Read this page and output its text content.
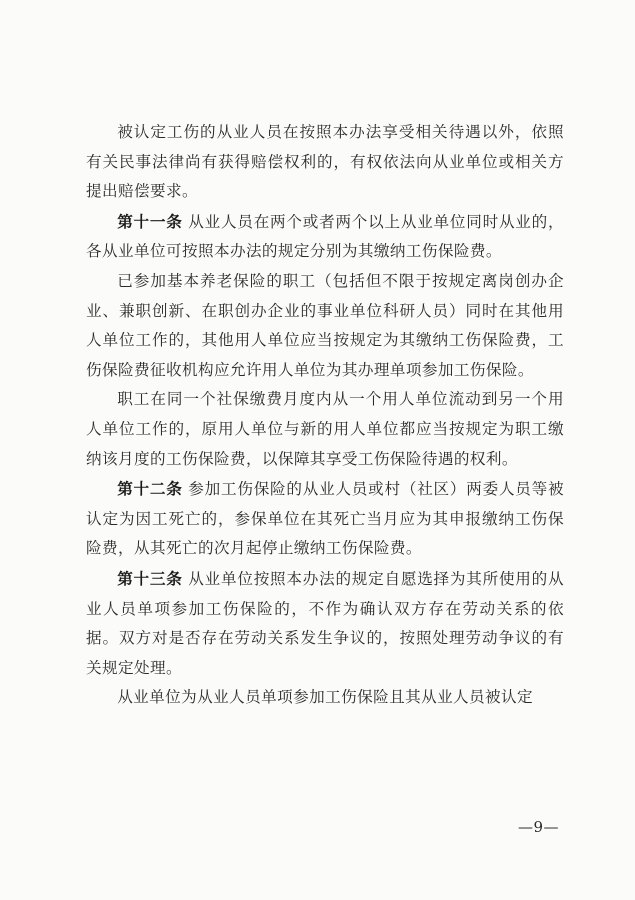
被认定工伤的从业人员在按照本办法享受相关待遇以外，依照有关民事法律尚有获得赔偿权利的，有权依法向从业单位或相关方提出赔偿要求。

第十一条 从业人员在两个或者两个以上从业单位同时从业的，各从业单位可按照本办法的规定分别为其缴纳工伤保险费。

已参加基本养老保险的职工（包括但不限于按规定离岗创办企业、兼职创新、在职创办企业的事业单位科研人员）同时在其他用人单位工作的，其他用人单位应当按规定为其缴纳工伤保险费，工伤保险费征收机构应允许用人单位为其办理单项参加工伤保险。

职工在同一个社保缴费月度内从一个用人单位流动到另一个用人单位工作的，原用人单位与新的用人单位都应当按规定为职工缴纳该月度的工伤保险费，以保障其享受工伤保险待遇的权利。

第十二条 参加工伤保险的从业人员或村（社区）两委人员等被认定为因工死亡的，参保单位在其死亡当月应为其申报缴纳工伤保险费，从其死亡的次月起停止缴纳工伤保险费。

第十三条 从业单位按照本办法的规定自愿选择为其所使用的从业人员单项参加工伤保险的，不作为确认双方存在劳动关系的依据。双方对是否存在劳动关系发生争议的，按照处理劳动争议的有关规定处理。

从业单位为从业人员单项参加工伤保险且其从业人员被认定

—9—
